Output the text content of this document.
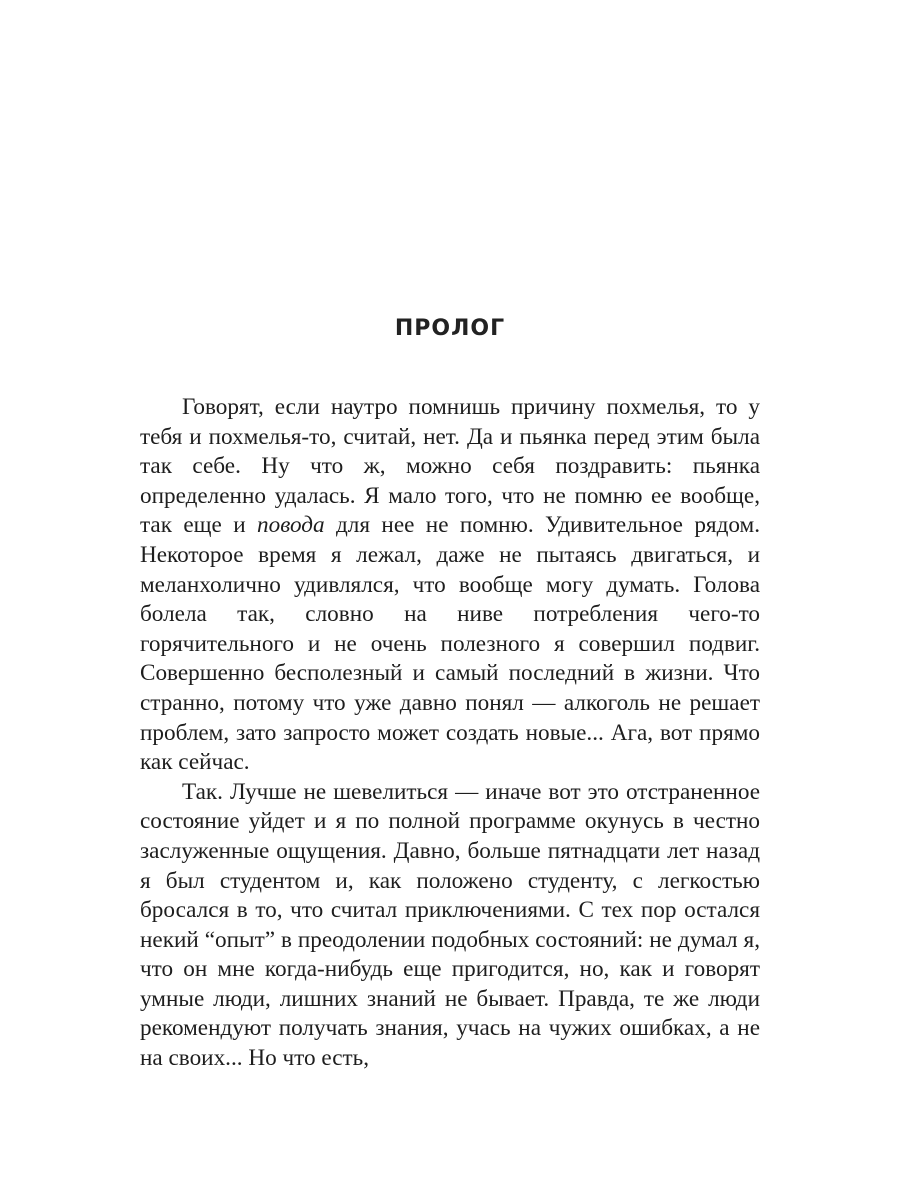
ПРОЛОГ

Говорят, если наутро помнишь причину похмелья, то у тебя и похмелья-то, считай, нет. Да и пьянка перед этим была так себе. Ну что ж, можно себя поздравить: пьянка определенно удалась. Я мало того, что не помню ее вообще, так еще и повода для нее не помню. Удивительное рядом. Некоторое время я лежал, даже не пытаясь двигаться, и меланхолично удивлялся, что вообще могу думать. Голова болела так, словно на ниве потребления чего-то горячительного и не очень полезного я совершил подвиг. Совершенно бесполезный и самый последний в жизни. Что странно, потому что уже давно понял — алкоголь не решает проблем, зато запросто может создать новые... Ага, вот прямо как сейчас.

Так. Лучше не шевелиться — иначе вот это отстраненное состояние уйдет и я по полной программе окунусь в честно заслуженные ощущения. Давно, больше пятнадцати лет назад я был студентом и, как положено студенту, с легкостью бросался в то, что считал приключениями. С тех пор остался некий “опыт” в преодолении подобных состояний: не думал я, что он мне когда-нибудь еще пригодится, но, как и говорят умные люди, лишних знаний не бывает. Правда, те же люди рекомендуют получать знания, учась на чужих ошибках, а не на своих... Но что есть,
